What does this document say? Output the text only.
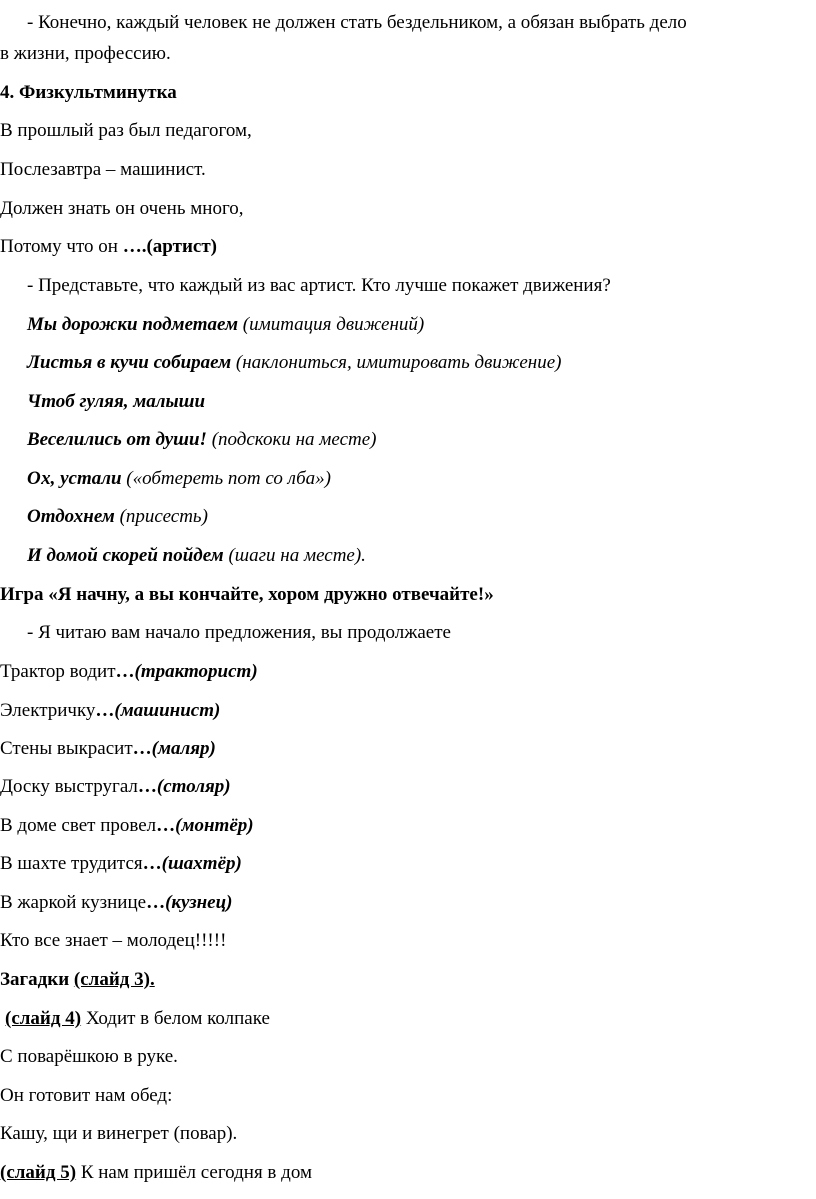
- Конечно, каждый человек не должен стать бездельником, а обязан выбрать дело
в жизни, профессию.
4. Физкультминутка
В прошлый раз был педагогом,
Послезавтра – машинист.
Должен знать он очень много,
Потому что он ….(артист)
- Представьте, что каждый из вас артист. Кто лучше покажет движения?
Мы дорожки подметаем (имитация движений)
Листья в кучи собираем (наклониться, имитировать движение)
Чтоб гуляя, малыши
Веселились от души! (подскоки на месте)
Ох, устали («обтереть пот со лба»)
Отдохнем (присесть)
И домой скорей пойдем (шаги на месте).
Игра «Я начну, а вы кончайте, хором дружно отвечайте!»
- Я читаю вам начало предложения, вы продолжаете
Трактор водит…(тракторист)
Электричку…(машинист)
Стены выкрасит…(маляр)
Доску выстругал…(столяр)
В доме свет провел…(монтёр)
В шахте трудится…(шахтёр)
В жаркой кузнице…(кузнец)
Кто все знает – молодец!!!!!
Загадки (слайд 3).
(слайд 4) Ходит в белом колпаке
С поварёшкою в руке.
Он готовит нам обед:
Кашу, щи и винегрет (повар).
(слайд 5) К нам пришёл сегодня в дом
